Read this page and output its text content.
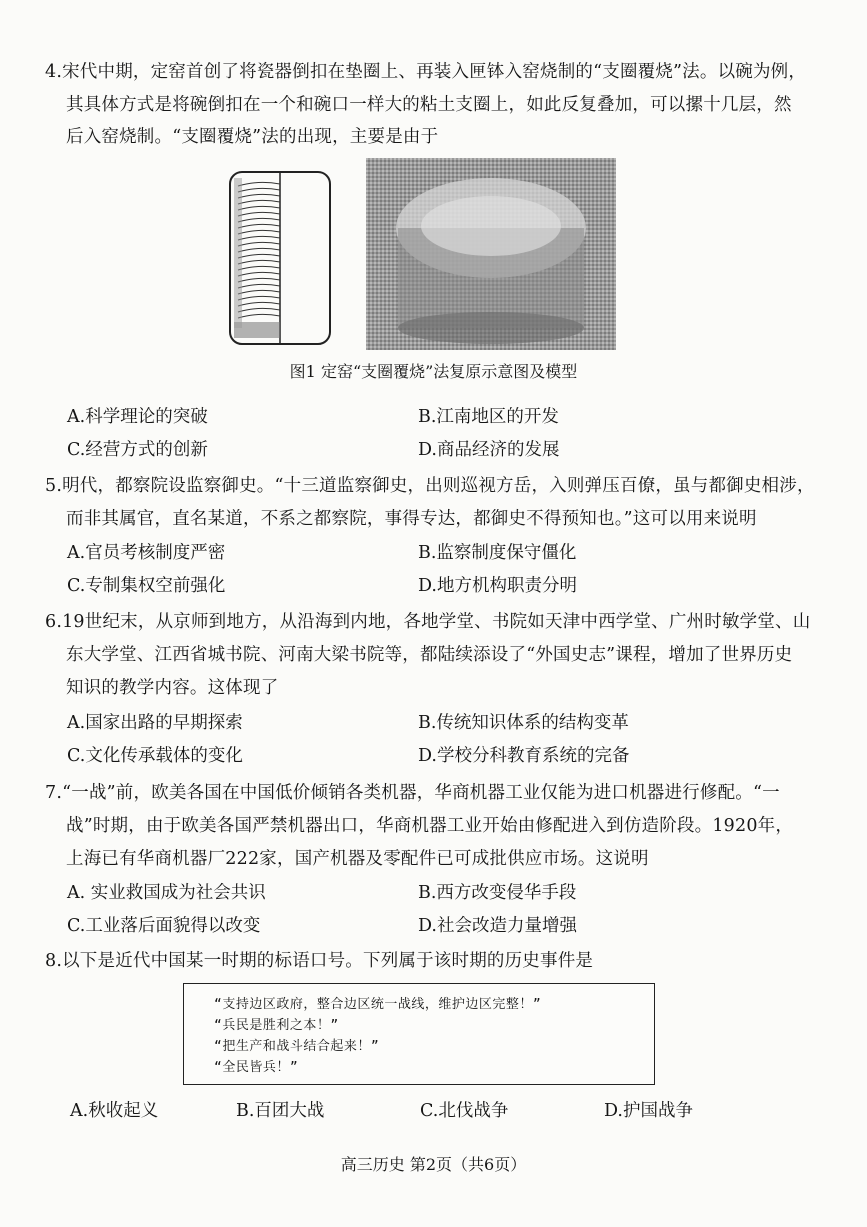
4.宋代中期，定窑首创了将瓷器倒扣在垫圈上、再装入匣钵入窑烧制的“支圈覆烧”法。以碗为例，
其具体方式是将碗倒扣在一个和碗口一样大的粘土支圈上，如此反复叠加，可以摞十几层，然
后入窑烧制。“支圈覆烧”法的出现，主要是由于
图1 定窑“支圈覆烧”法复原示意图及模型
A.科学理论的突破	B.江南地区的开发
C.经营方式的创新	D.商品经济的发展
5.明代，都察院设监察御史。“十三道监察御史，出则巡视方岳，入则弹压百僚，虽与都御史相涉，
而非其属官，直名某道，不系之都察院，事得专达，都御史不得预知也。”这可以用来说明
A.官员考核制度严密	B.监察制度保守僵化
C.专制集权空前强化	D.地方机构职责分明
6.19世纪末，从京师到地方，从沿海到内地，各地学堂、书院如天津中西学堂、广州时敏学堂、山
东大学堂、江西省城书院、河南大梁书院等，都陆续添设了“外国史志”课程，增加了世界历史
知识的教学内容。这体现了
A.国家出路的早期探索	B.传统知识体系的结构变革
C.文化传承载体的变化	D.学校分科教育系统的完备
7.“一战”前，欧美各国在中国低价倾销各类机器，华商机器工业仅能为进口机器进行修配。“一
战”时期，由于欧美各国严禁机器出口，华商机器工业开始由修配进入到仿造阶段。1920年，
上海已有华商机器厂222家，国产机器及零配件已可成批供应市场。这说明
A. 实业救国成为社会共识	B.西方改变侵华手段
C.工业落后面貌得以改变	D.社会改造力量增强
8.以下是近代中国某一时期的标语口号。下列属于该时期的历史事件是
“支持边区政府，整合边区统一战线，维护边区完整！”
“兵民是胜利之本！”
“把生产和战斗结合起来！”
“全民皆兵！”
A.秋收起义	B.百团大战	C.北伐战争	D.护国战争
高三历史 第2页（共6页）
